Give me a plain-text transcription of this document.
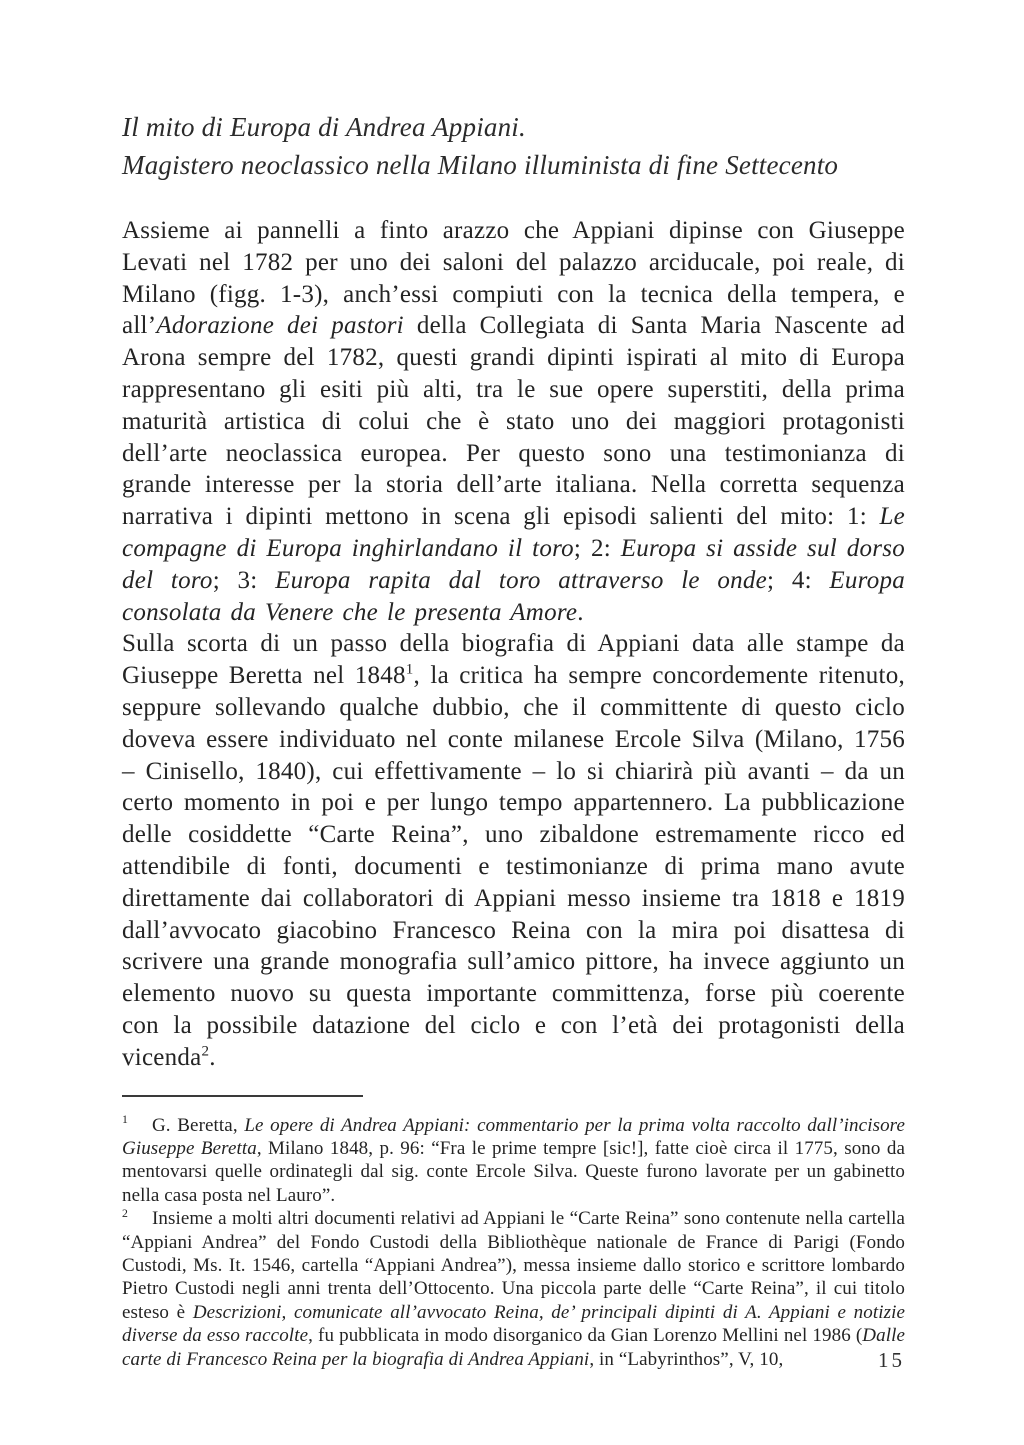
Il mito di Europa di Andrea Appiani.
Magistero neoclassico nella Milano illuminista di fine Settecento

Assieme ai pannelli a finto arazzo che Appiani dipinse con Giuseppe Levati nel 1782 per uno dei saloni del palazzo arciducale, poi reale, di Milano (figg. 1-3), anch’essi compiuti con la tecnica della tempera, e all’Adorazione dei pastori della Collegiata di Santa Maria Nascente ad Arona sempre del 1782, questi grandi dipinti ispirati al mito di Europa rappresentano gli esiti più alti, tra le sue opere superstiti, della prima maturità artistica di colui che è stato uno dei maggiori protagonisti dell’arte neoclassica europea. Per questo sono una testimonianza di grande interesse per la storia dell’arte italiana. Nella corretta sequenza narrativa i dipinti mettono in scena gli episodi salienti del mito: 1: Le compagne di Europa inghirlandano il toro; 2: Europa si asside sul dorso del toro; 3: Europa rapita dal toro attraverso le onde; 4: Europa consolata da Venere che le presenta Amore.

Sulla scorta di un passo della biografia di Appiani data alle stampe da Giuseppe Beretta nel 1848$^1$, la critica ha sempre concordemente ritenuto, seppure sollevando qualche dubbio, che il committente di questo ciclo doveva essere individuato nel conte milanese Ercole Silva (Milano, 1756 – Cinisello, 1840), cui effettivamente – lo si chiarirà più avanti – da un certo momento in poi e per lungo tempo appartennero. La pubblicazione delle cosiddette “Carte Reina”, uno zibaldone estremamente ricco ed attendibile di fonti, documenti e testimonianze di prima mano avute direttamente dai collaboratori di Appiani messo insieme tra 1818 e 1819 dall’avvocato giacobino Francesco Reina con la mira poi disattesa di scrivere una grande monografia sull’amico pittore, ha invece aggiunto un elemento nuovo su questa importante committenza, forse più coerente con la possibile datazione del ciclo e con l’età dei protagonisti della vicenda$^2$.

$^1$ G. Beretta, Le opere di Andrea Appiani: commentario per la prima volta raccolto dall’incisore Giuseppe Beretta, Milano 1848, p. 96: “Fra le prime tempre [sic!], fatte cioè circa il 1775, sono da mentovarsi quelle ordinategli dal sig. conte Ercole Silva. Queste furono lavorate per un gabinetto nella casa posta nel Lauro”.

$^2$ Insieme a molti altri documenti relativi ad Appiani le “Carte Reina” sono contenute nella cartella “Appiani Andrea” del Fondo Custodi della Bibliothèque nationale de France di Parigi (Fondo Custodi, Ms. It. 1546, cartella “Appiani Andrea”), messa insieme dallo storico e scrittore lombardo Pietro Custodi negli anni trenta dell’Ottocento. Una piccola parte delle “Carte Reina”, il cui titolo esteso è Descrizioni, comunicate all’avvocato Reina, de’ principali dipinti di A. Appiani e notizie diverse da esso raccolte, fu pubblicata in modo disorganico da Gian Lorenzo Mellini nel 1986 (Dalle carte di Francesco Reina per la biografia di Andrea Appiani, in “Labyrinthos”, V, 10,	15
